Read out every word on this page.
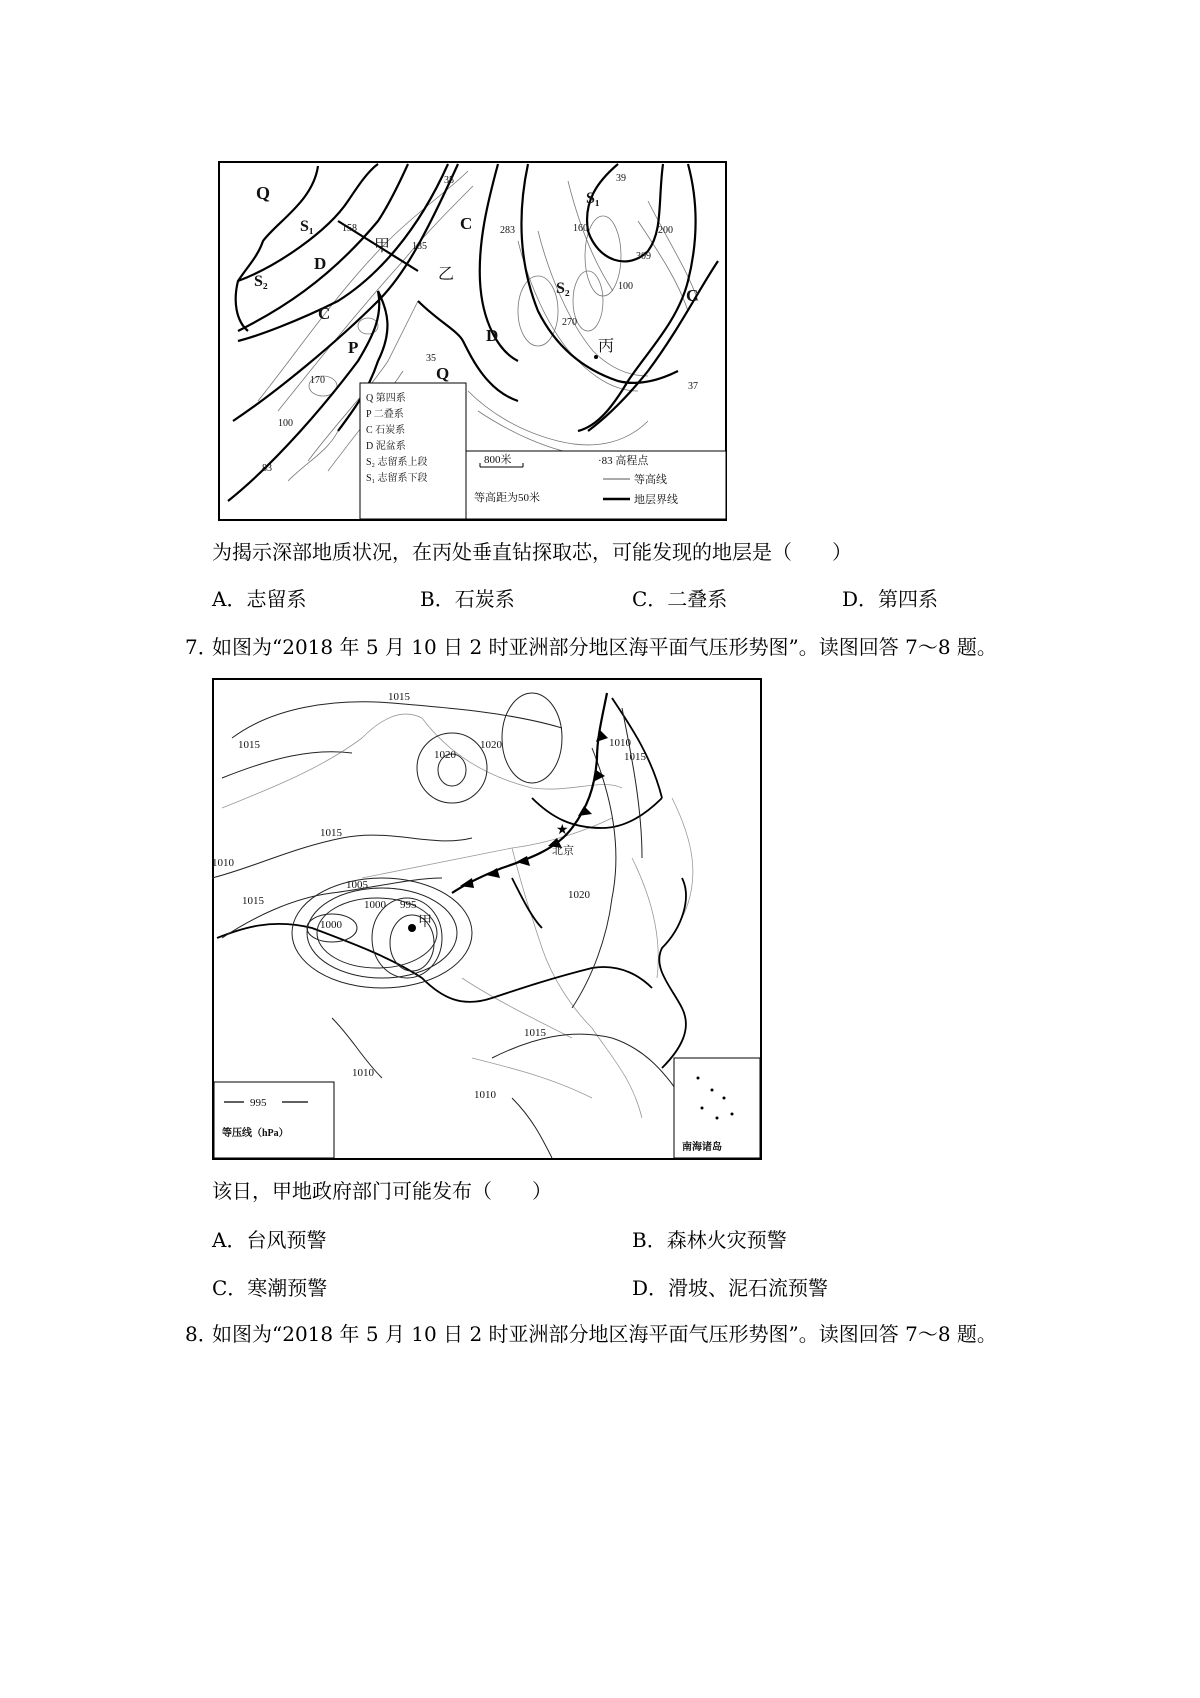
Q 第四系
P 二叠系
C 石炭系
D 泥盆系
S₂ 志留系上段
S₁ 志留系下段
800米
等高距为50米
·83 高程点
等高线
地层界线
Q
S₁
S₂
D
C
P
C
D
Q
S₁
S₂	C
甲
乙
丙
35	39
158
185
283	160	200
309
100
270
35
170
100
83
37
为揭示深部地质状况，在丙处垂直钻探取芯，可能发现的地层是（　　）
A．志留系	B．石炭系	C．二叠系	D．第四系
7．
如图为“2018 年 5 月 10 日 2 时亚洲部分地区海平面气压形势图”。读图回答 7～8 题。
★
北京
甲
1015
1015
1020
1020	1010
1015
1015
1010
1015
1005
1000
1000
995
1020
1015
1010
1010
995
等压线（hPa）
南海诸岛
该日，甲地政府部门可能发布（　　）
A．台风预警	B．森林火灾预警
C．寒潮预警	D．滑坡、泥石流预警
8．
如图为“2018 年 5 月 10 日 2 时亚洲部分地区海平面气压形势图”。读图回答 7～8 题。
